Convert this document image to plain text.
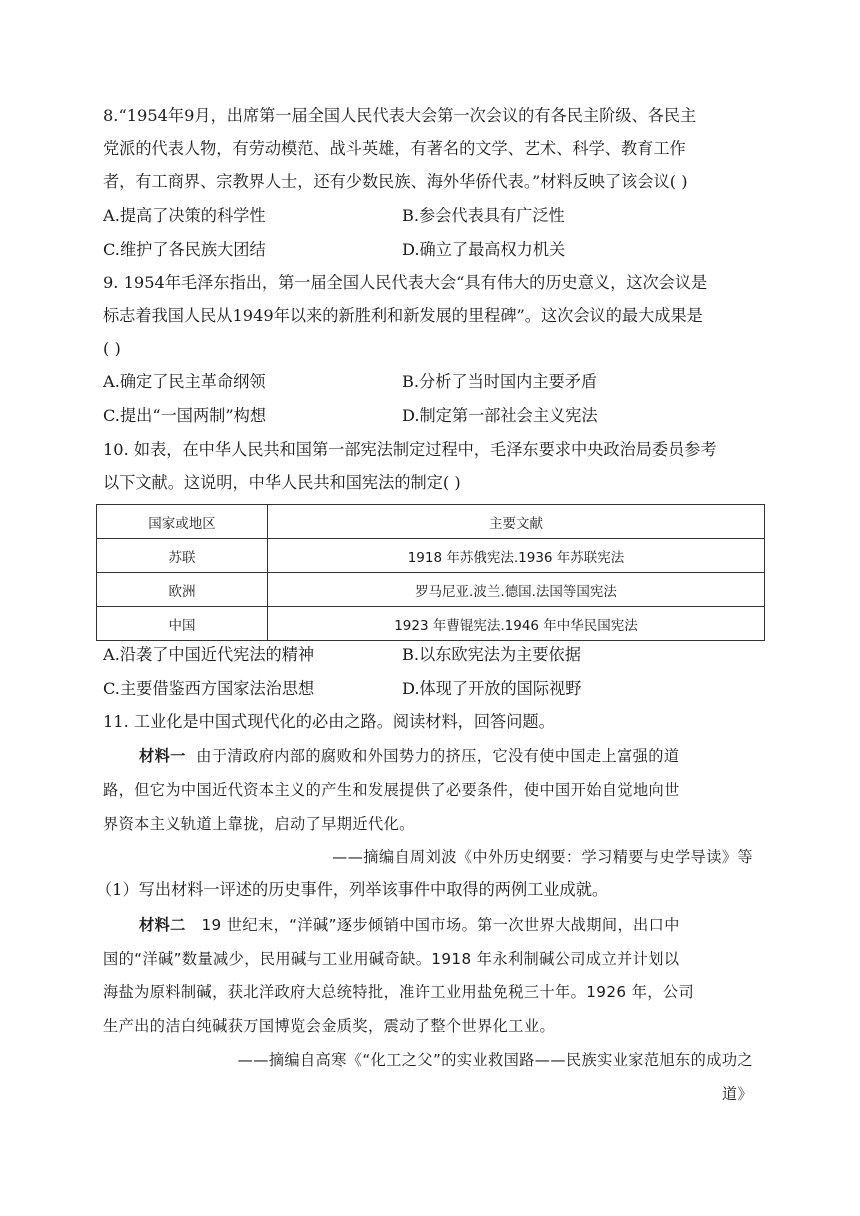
8.“1954年9月，出席第一届全国人民代表大会第一次会议的有各民主阶级、各民主
党派的代表人物，有劳动模范、战斗英雄，有著名的文学、艺术、科学、教育工作
者，有工商界、宗教界人士，还有少数民族、海外华侨代表。”材料反映了该会议( )
A.提高了决策的科学性	B.参会代表具有广泛性
C.维护了各民族大团结	D.确立了最高权力机关
9. 1954年毛泽东指出，第一届全国人民代表大会“具有伟大的历史意义，这次会议是
标志着我国人民从1949年以来的新胜利和新发展的里程碑”。这次会议的最大成果是
( )
A.确定了民主革命纲领	B.分析了当时国内主要矛盾
C.提出“一国两制”构想	D.制定第一部社会主义宪法
10. 如表，在中华人民共和国第一部宪法制定过程中，毛泽东要求中央政治局委员参考
以下文献。这说明，中华人民共和国宪法的制定( )
国家或地区	主要文献
苏联	1918 年苏俄宪法.1936 年苏联宪法
欧洲	罗马尼亚.波兰.德国.法国等国宪法
中国	1923 年曹锟宪法.1946 年中华民国宪法
A.沿袭了中国近代宪法的精神	B.以东欧宪法为主要依据
C.主要借鉴西方国家法治思想	D.体现了开放的国际视野
11. 工业化是中国式现代化的必由之路。阅读材料，回答问题。
材料一 由于清政府内部的腐败和外国势力的挤压，它没有使中国走上富强的道
路，但它为中国近代资本主义的产生和发展提供了必要条件，使中国开始自觉地向世
界资本主义轨道上靠拢，启动了早期近代化。
——摘编自周刘波《中外历史纲要：学习精要与史学导读》等
（1）写出材料一评述的历史事件，列举该事件中取得的两例工业成就。
材料二 19 世纪末，“洋碱”逐步倾销中国市场。第一次世界大战期间，出口中
国的“洋碱”数量减少，民用碱与工业用碱奇缺。1918 年永利制碱公司成立并计划以
海盐为原料制碱，获北洋政府大总统特批，准许工业用盐免税三十年。1926 年，公司
生产出的洁白纯碱获万国博览会金质奖，震动了整个世界化工业。
——摘编自高寒《“化工之父”的实业救国路——民族实业家范旭东的成功之
道》
